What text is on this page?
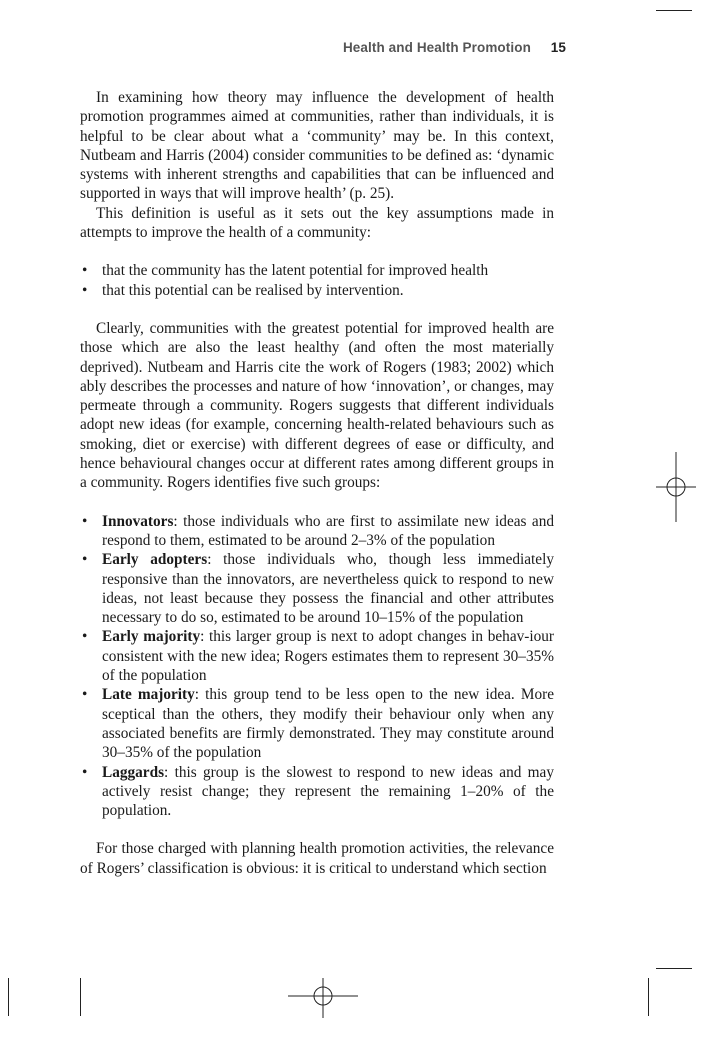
Health and Health Promotion 15

In examining how theory may influence the development of health promotion programmes aimed at communities, rather than individuals, it is helpful to be clear about what a ‘community’ may be. In this context, Nutbeam and Harris (2004) consider communities to be defined as: ‘dynamic systems with inherent strengths and capabilities that can be influenced and supported in ways that will improve health’ (p. 25).

This definition is useful as it sets out the key assumptions made in attempts to improve the health of a community:

• that the community has the latent potential for improved health
• that this potential can be realised by intervention.

Clearly, communities with the greatest potential for improved health are those which are also the least healthy (and often the most materially deprived). Nutbeam and Harris cite the work of Rogers (1983; 2002) which ably describes the processes and nature of how ‘innovation’, or changes, may permeate through a community. Rogers suggests that different individuals adopt new ideas (for example, concerning health-related behaviours such as smoking, diet or exercise) with different degrees of ease or difficulty, and hence behavioural changes occur at different rates among different groups in a community. Rogers identifies five such groups:

• Innovators: those individuals who are first to assimilate new ideas and respond to them, estimated to be around 2–3% of the population
• Early adopters: those individuals who, though less immediately responsive than the innovators, are nevertheless quick to respond to new ideas, not least because they possess the financial and other attributes necessary to do so, estimated to be around 10–15% of the population
• Early majority: this larger group is next to adopt changes in behav-iour consistent with the new idea; Rogers estimates them to represent 30–35% of the population
• Late majority: this group tend to be less open to the new idea. More sceptical than the others, they modify their behaviour only when any associated benefits are firmly demonstrated. They may constitute around 30–35% of the population
• Laggards: this group is the slowest to respond to new ideas and may actively resist change; they represent the remaining 1–20% of the population.

For those charged with planning health promotion activities, the relevance of Rogers’ classification is obvious: it is critical to understand which section
